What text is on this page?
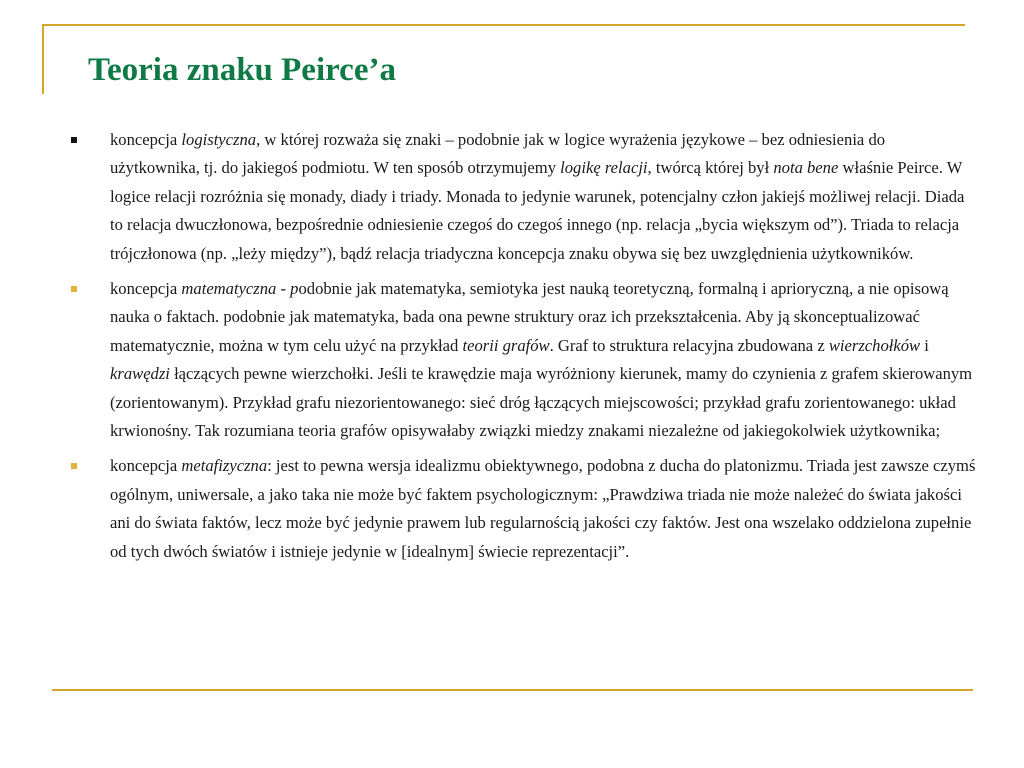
Teoria znaku Peirce’a
koncepcja logistyczna, w której rozważa się znaki – podobnie jak w logice wyrażenia językowe – bez odniesienia do użytkownika, tj. do jakiegoś podmiotu. W ten sposób otrzymujemy logikę relacji, twórcą której był nota bene właśnie Peirce. W logice relacji rozróżnia się monady, diady i triady. Monada to jedynie warunek, potencjalny człon jakiejś możliwej relacji. Diada to relacja dwuczłonowa, bezpośrednie odniesienie czegoś do czegoś innego (np. relacja „bycia większym od”). Triada to relacja trójczłonowa (np. „leży między”), bądź relacja triadyczna koncepcja znaku obywa się bez uwzględnienia użytkowników.
koncepcja matematyczna - podobnie jak matematyka, semiotyka jest nauką teoretyczną, formalną i aprioryczną, a nie opisową nauka o faktach. podobnie jak matematyka, bada ona pewne struktury oraz ich przekształcenia. Aby ją skonceptualizować matematycznie, można w tym celu użyć na przykład teorii grafów. Graf to struktura relacyjna zbudowana z wierzchołków i krawędzi łączących pewne wierzchołki. Jeśli te krawędzie maja wyróżniony kierunek, mamy do czynienia z grafem skierowanym (zorientowanym). Przykład grafu niezorientowanego: sieć dróg łączących miejscowości; przykład grafu zorientowanego: układ krwionośny. Tak rozumiana teoria grafów opisywałaby związki miedzy znakami niezależne od jakiegokolwiek użytkownika;
koncepcja metafizyczna: jest to pewna wersja idealizmu obiektywnego, podobna z ducha do platonizmu. Triada jest zawsze czymś ogólnym, uniwersale, a jako taka nie może być faktem psychologicznym: „Prawdziwa triada nie może należeć do świata jakości ani do świata faktów, lecz może być jedynie prawem lub regularnością jakości czy faktów. Jest ona wszelako oddzielona zupełnie od tych dwóch światów i istnieje jedynie w [idealnym] świecie reprezentacji”.
